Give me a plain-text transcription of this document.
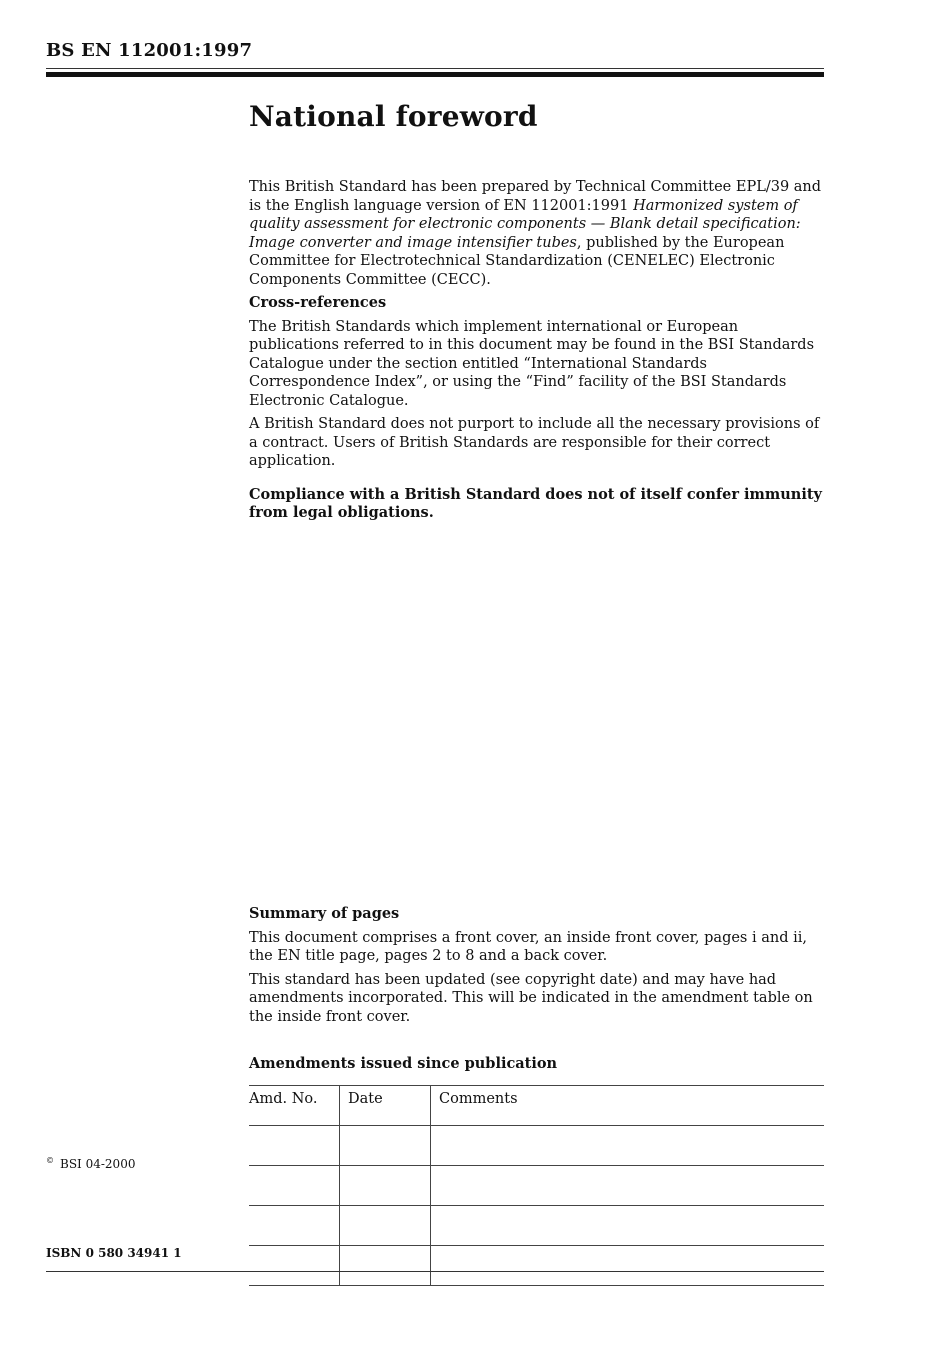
BS EN 112001:1997
National foreword

This British Standard has been prepared by Technical Committee EPL/39 and is the English language version of EN 112001:1991 Harmonized system of quality assessment for electronic components — Blank detail specification: Image converter and image intensifier tubes, published by the European Committee for Electrotechnical Standardization (CENELEC) Electronic Components Committee (CECC).

Cross-references

The British Standards which implement international or European publications referred to in this document may be found in the BSI Standards Catalogue under the section entitled “International Standards Correspondence Index”, or using the “Find” facility of the BSI Standards Electronic Catalogue.

A British Standard does not purport to include all the necessary provisions of a contract. Users of British Standards are responsible for their correct application.

Compliance with a British Standard does not of itself confer immunity from legal obligations.

Summary of pages

This document comprises a front cover, an inside front cover, pages i and ii, the EN title page, pages 2 to 8 and a back cover.

This standard has been updated (see copyright date) and may have had amendments incorporated. This will be indicated in the amendment table on the inside front cover.

Amendments issued since publication
Amd. No.	Date	Comments

© BSI 04-2000
ISBN 0 580 34941 1
